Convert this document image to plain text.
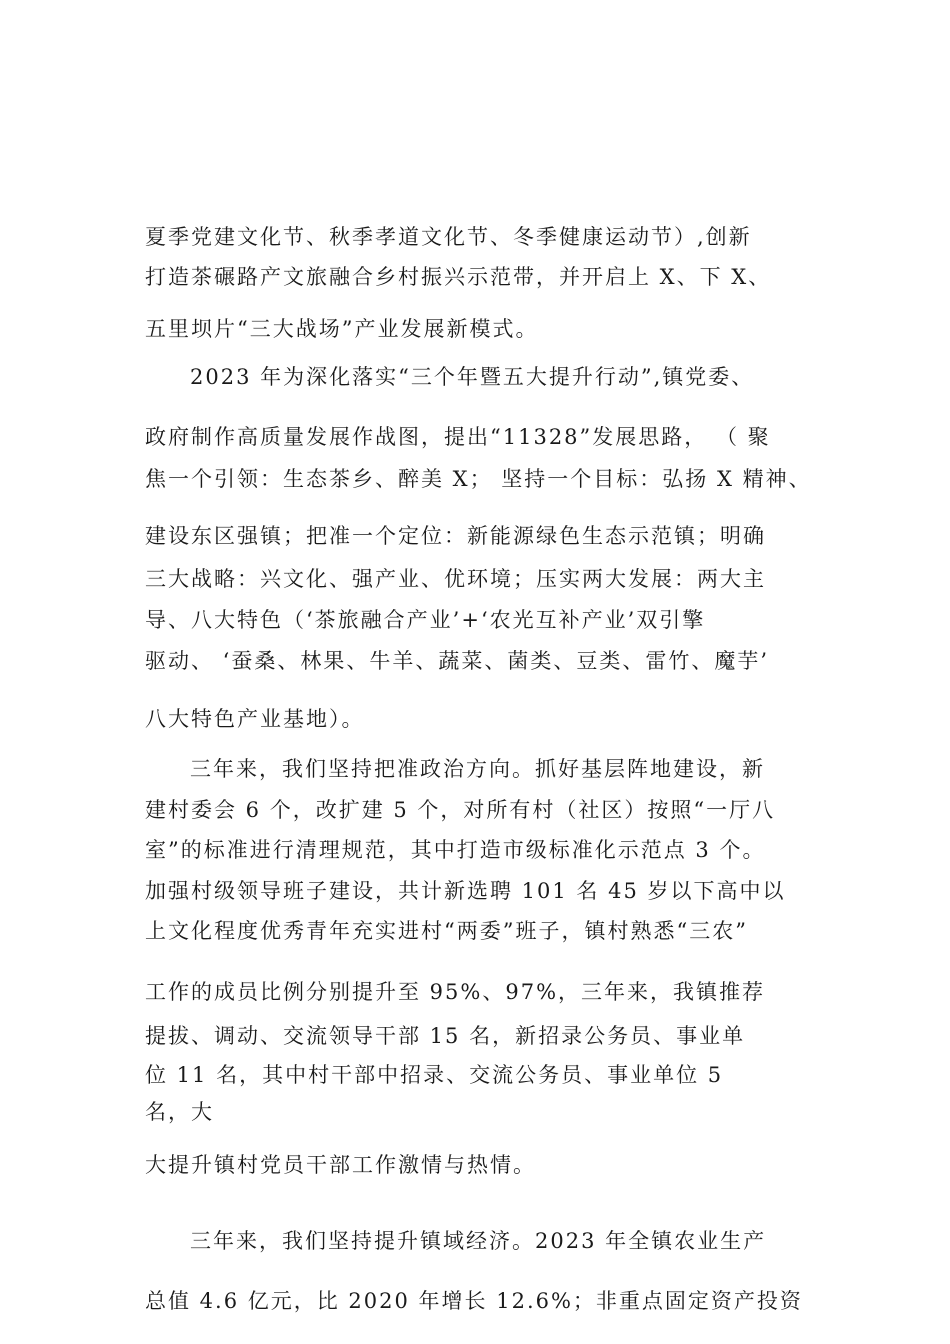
夏季党建文化节、秋季孝道文化节、冬季健康运动节）,创新
打造茶碾路产文旅融合乡村振兴示范带，并开启上 X、下 X、
五里坝片“三大战场”产业发展新模式。
2023 年为深化落实“三个年暨五大提升行动”,镇党委、
政府制作高质量发展作战图，提出“11328”发展思路， （ 聚
焦一个引领：生态茶乡、醉美 X； 坚持一个目标：弘扬 X 精神、
建设东区强镇；把准一个定位：新能源绿色生态示范镇；明确
三大战略：兴文化、强产业、优环境；压实两大发展：两大主
导、八大特色（‘茶旅融合产业’+‘农光互补产业’双引擎
驱动、 ‘蚕桑、林果、牛羊、蔬菜、菌类、豆类、雷竹、魔芋’
八大特色产业基地）。
三年来，我们坚持把准政治方向。抓好基层阵地建设，新
建村委会 6 个，改扩建 5 个，对所有村（社区）按照“一厅八
室”的标准进行清理规范，其中打造市级标准化示范点 3 个。
加强村级领导班子建设，共计新选聘 101 名 45 岁以下高中以
上文化程度优秀青年充实进村“两委”班子，镇村熟悉“三农”
工作的成员比例分别提升至 95%、97%，三年来，我镇推荐
提拔、调动、交流领导干部 15 名，新招录公务员、事业单
位 11 名，其中村干部中招录、交流公务员、事业单位 5
名，大
大提升镇村党员干部工作激情与热情。
三年来，我们坚持提升镇域经济。2023 年全镇农业生产
总值 4.6 亿元，比 2020 年增长 12.6%；非重点固定资产投资
